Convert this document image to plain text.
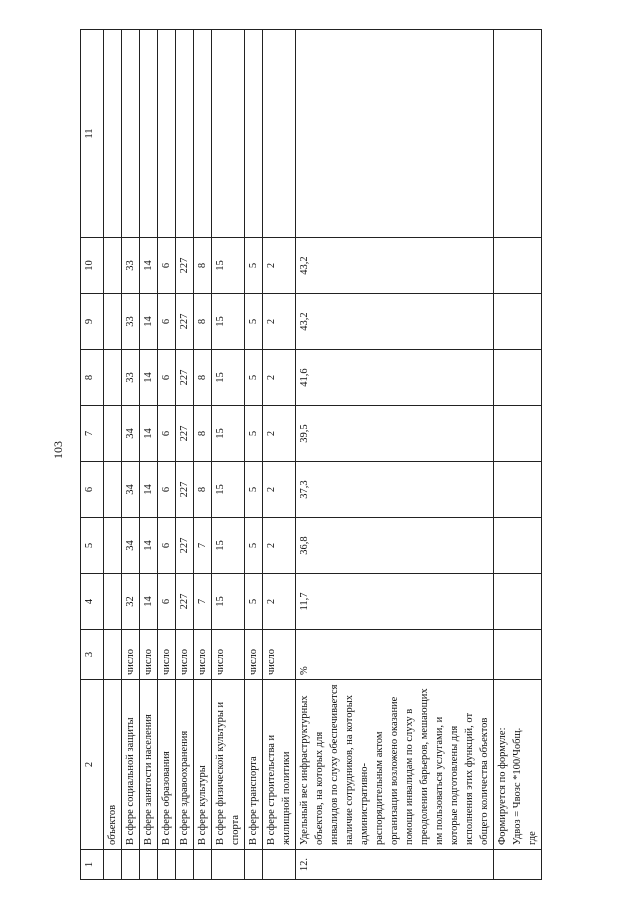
103
1	2	3	4	5	6	7	8	9	10	11
	объектов									
	В сфере социальной защиты	число	32	34	34	34	33	33	33	
	В сфере занятости населения	число	14	14	14	14	14	14	14	
	В сфере образования	число	6	6	6	6	6	6	6	
	В сфере здравоохранения	число	227	227	227	227	227	227	227	
	В сфере культуры	число	7	7	8	8	8	8	8	
	В сфере физической культуры и спорта	число	15	15	15	15	15	15	15	
	В сфере транспорта	число	5	5	5	5	5	5	5	
	В сфере строительства и жилищной политики	число	2	2	2	2	2	2	2	
12.	Удельный вес инфраструктурных объектов, на которых для инвалидов по слуху обеспечивается наличие сотрудников, на которых административно-распорядительным актом организации возложено оказание помощи инвалидам по слуху в преодолении барьеров, мешающих им пользоваться услугами, и которые подготовлены для исполнения этих функций, от общего количества объектов	%	11,7	36,8	37,3	39,5	41,6	43,2	43,2	

	Формируется по формуле: Удвоз = Чвозс *100/Чобщ. где									
